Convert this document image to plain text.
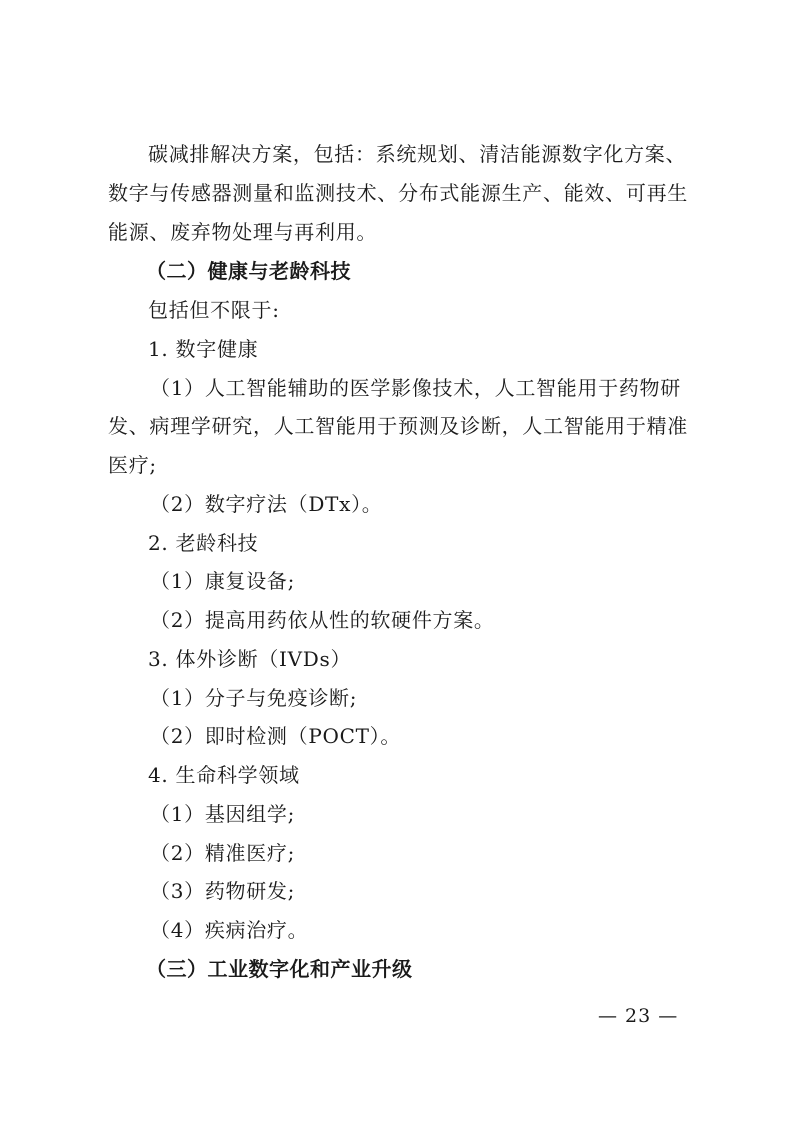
碳减排解决方案，包括：系统规划、清洁能源数字化方案、
数字与传感器测量和监测技术、分布式能源生产、能效、可再生
能源、废弃物处理与再利用。
（二）健康与老龄科技
包括但不限于:
1. 数字健康
（1）人工智能辅助的医学影像技术，人工智能用于药物研
发、病理学研究，人工智能用于预测及诊断，人工智能用于精准
医疗;
（2）数字疗法（DTx）。
2. 老龄科技
（1）康复设备;
（2）提高用药依从性的软硬件方案。
3. 体外诊断（IVDs）
（1）分子与免疫诊断;
（2）即时检测（POCT）。
4. 生命科学领域
（1）基因组学;
（2）精准医疗;
（3）药物研发;
（4）疾病治疗。
（三）工业数字化和产业升级
— 23 —
